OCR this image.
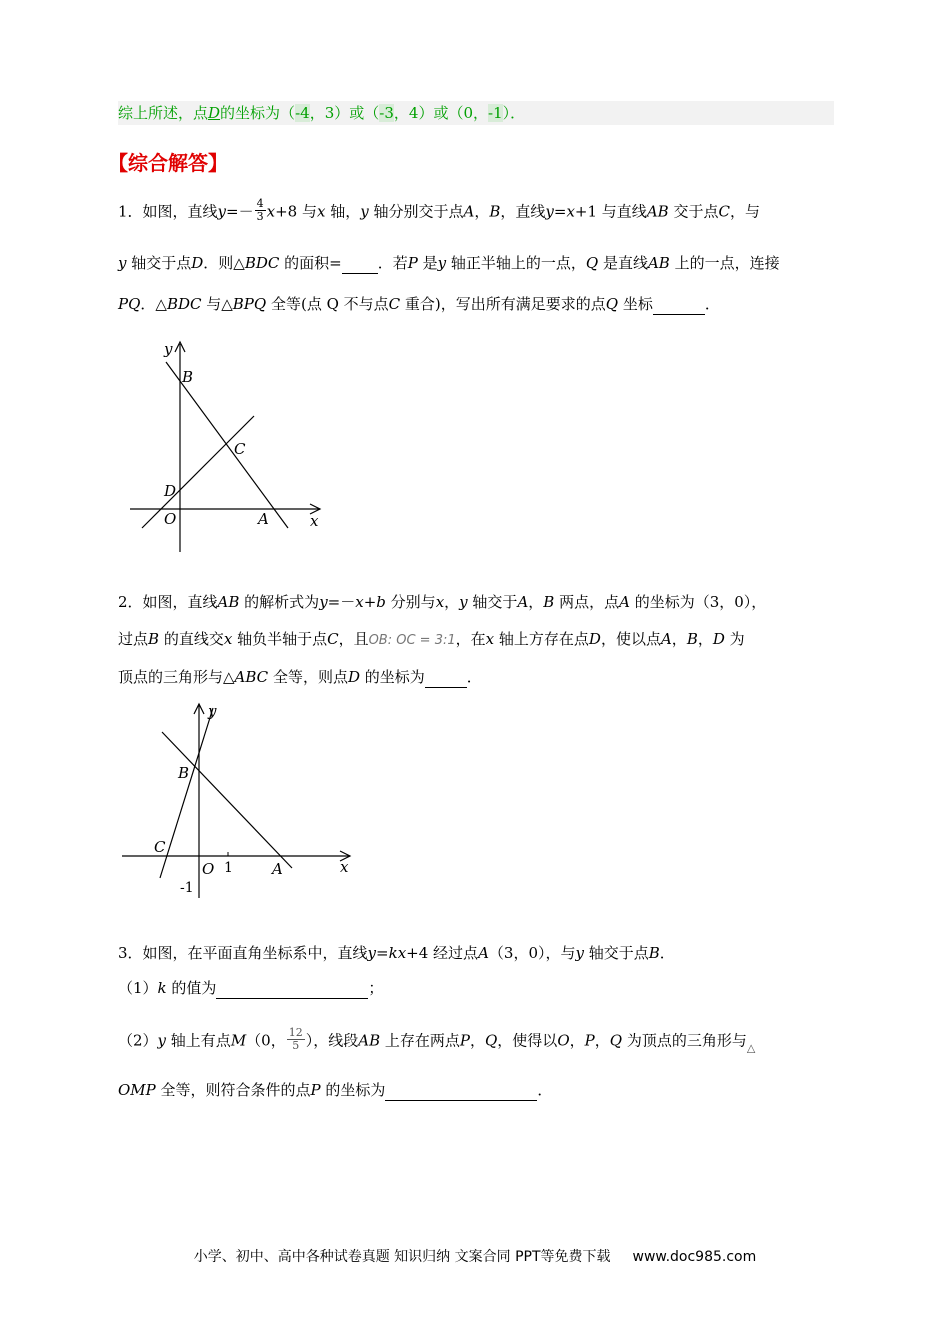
综上所述，点D的坐标为（-4，3）或（-3，4）或（0，-1）．
【综合解答】
1．如图，直线$y=- \frac{4}{3} x+8$ 与x 轴，y 轴分别交于点A，B，直线y=x+1 与直线AB 交于点C，与
y 轴交于点D．则△BDC 的面积= ．若P 是y 轴正半轴上的一点，Q 是直线AB 上的一点，连接
PQ．△BDC 与△BPQ 全等(点 Q 不与点C 重合)，写出所有满足要求的点Q 坐标	．
y
x
B
C
D
O	A
2．如图，直线AB 的解析式为y=－x+b 分别与x，y 轴交于A，B 两点，点A 的坐标为（3，0），
过点B 的直线交x 轴负半轴于点C，且OB: OC = 3:1，在x 轴上方存在点D，使以点A，B，D 为
顶点的三角形与△ABC 全等，则点D 的坐标为	．
y
x
B
C
O 1	A
-1
3．如图，在平面直角坐标系中，直线y=kx+4 经过点A（3，0），与y 轴交于点B．
（1）k 的值为	；
（2）y 轴上有点M（0， $\frac{12}{5}$ ），线段AB 上存在两点P，Q，使得以O，P，Q 为顶点的三角形与$_\triangle$
OMP 全等，则符合条件的点P 的坐标为	．
小学、初中、高中各种试卷真题 知识归纳 文案合同 PPT等免费下载 www.doc985.com
